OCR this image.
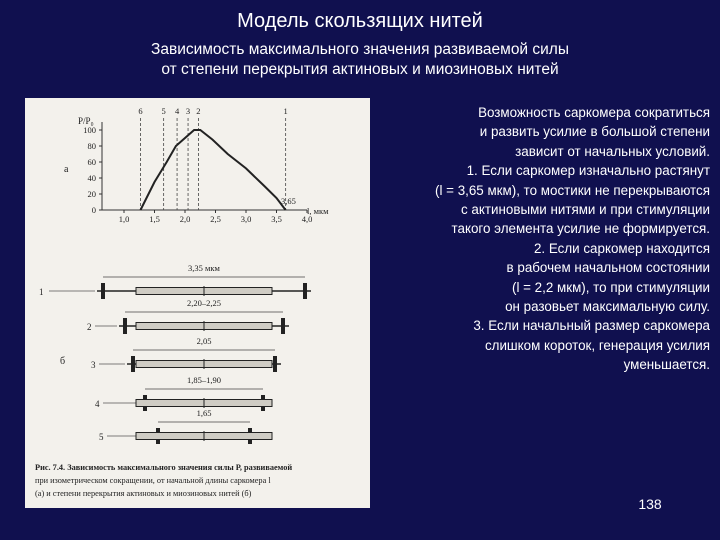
Модель скользящих нитей
Зависимость максимального значения развиваемой силы
от степени перекрытия актиновых и миозиновых нитей
а
P/P₀
l, мкм
100
80
60
40
20
0
1,0 1,5 2,0 2,5 3,0 3,5 4,0
6 5 4 3 2	1
3,65
б
3,35 мкм
1
2,20–2,25
2
2,05
3
1,85–1,90
4
1,65
5
Рис. 7.4. Зависимость максимального значения силы Р, развиваемой
при изометрическом сокращении, от начальной длины саркомера l
(а) и степени перекрытия актиновых и миозиновых нитей (б)
Возможность саркомера сократиться
и развить усилие в большой степени
зависит от начальных условий.
1. Если саркомер изначально растянут
(l = 3,65 мкм), то мостики не перекрываются
с актиновыми нитями и при стимуляции
такого элемента усилие не формируется.
2. Если саркомер находится
в рабочем начальном состоянии
(l = 2,2 мкм), то при стимуляции
он разовьет максимальную силу.
3. Если начальный размер саркомера
слишком короток, генерация усилия
уменьшается.
138
